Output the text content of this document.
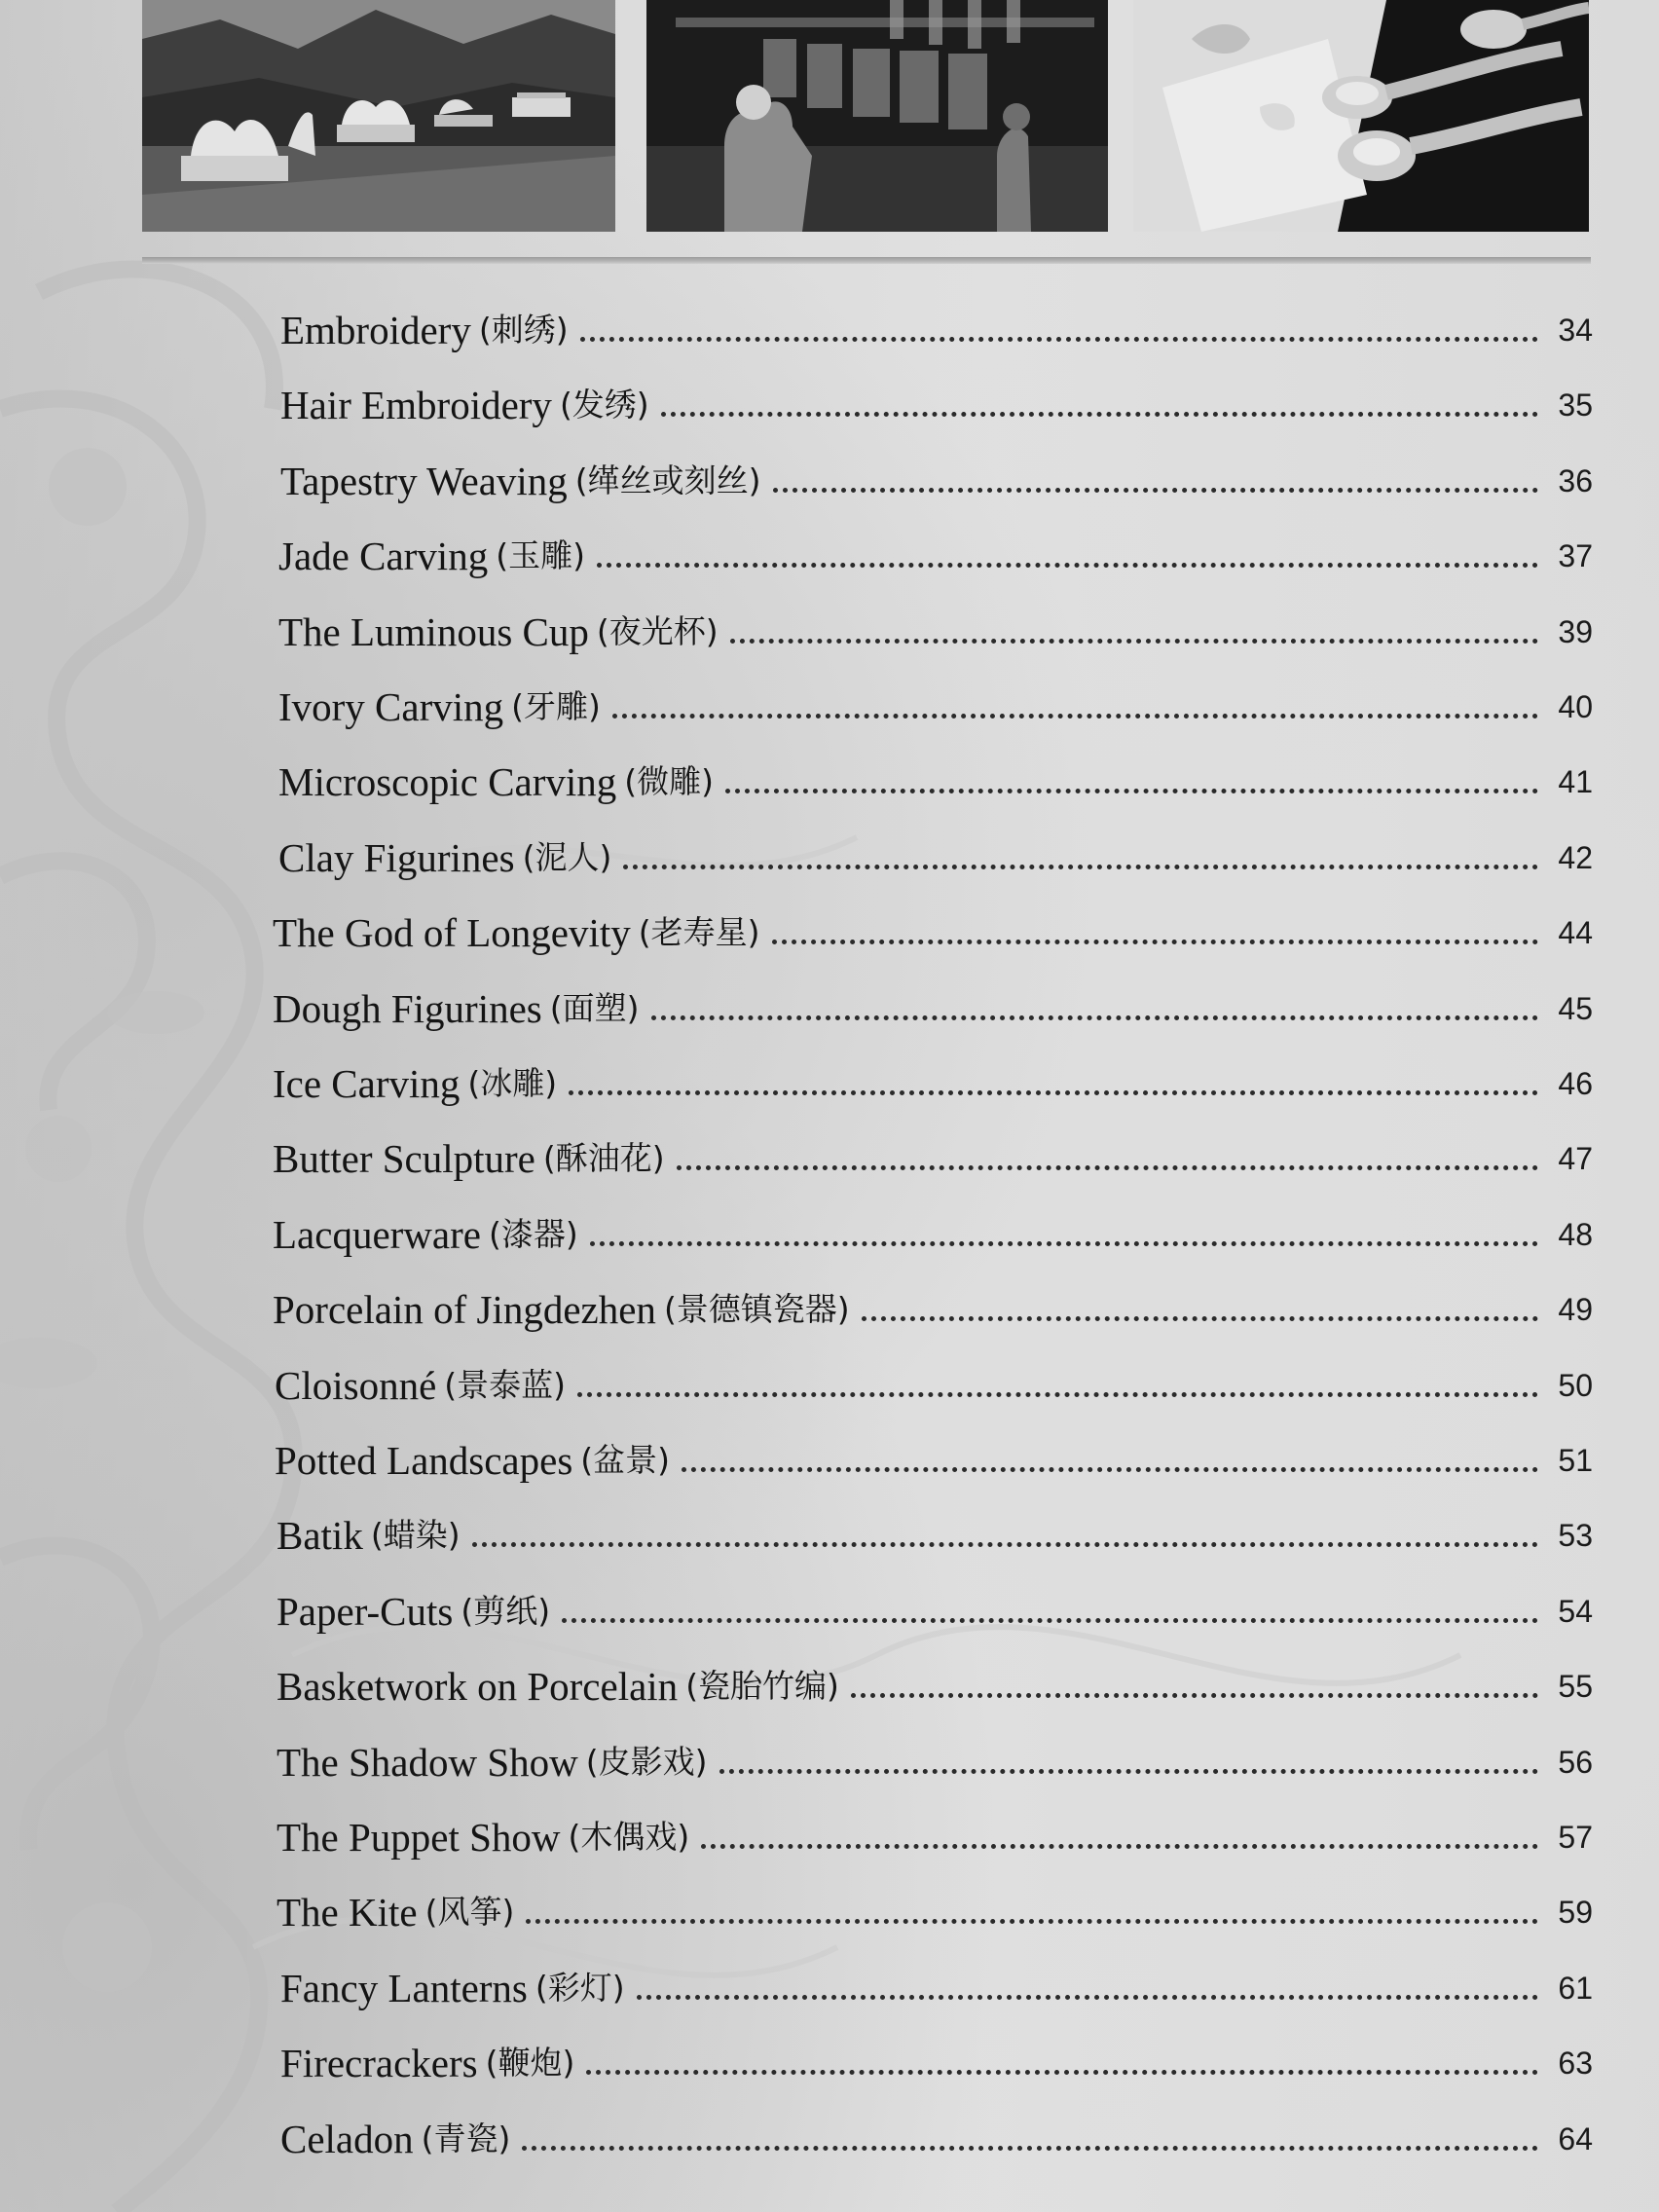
Embroidery (刺绣)	34
Hair Embroidery (发绣)	35
Tapestry Weaving (缂丝或刻丝)	36
Jade Carving (玉雕)	37
The Luminous Cup (夜光杯)	39
Ivory Carving (牙雕)	40
Microscopic Carving (微雕)	41
Clay Figurines (泥人)	42
The God of Longevity (老寿星)	44
Dough Figurines (面塑)	45
Ice Carving (冰雕)	46
Butter Sculpture (酥油花)	47
Lacquerware (漆器)	48
Porcelain of Jingdezhen (景德镇瓷器)	49
Cloisonné (景泰蓝)	50
Potted Landscapes (盆景)	51
Batik (蜡染)	53
Paper-Cuts (剪纸)	54
Basketwork on Porcelain (瓷胎竹编)	55
The Shadow Show (皮影戏)	56
The Puppet Show (木偶戏)	57
The Kite (风筝)	59
Fancy Lanterns (彩灯)	61
Firecrackers (鞭炮)	63
Celadon (青瓷)	64
